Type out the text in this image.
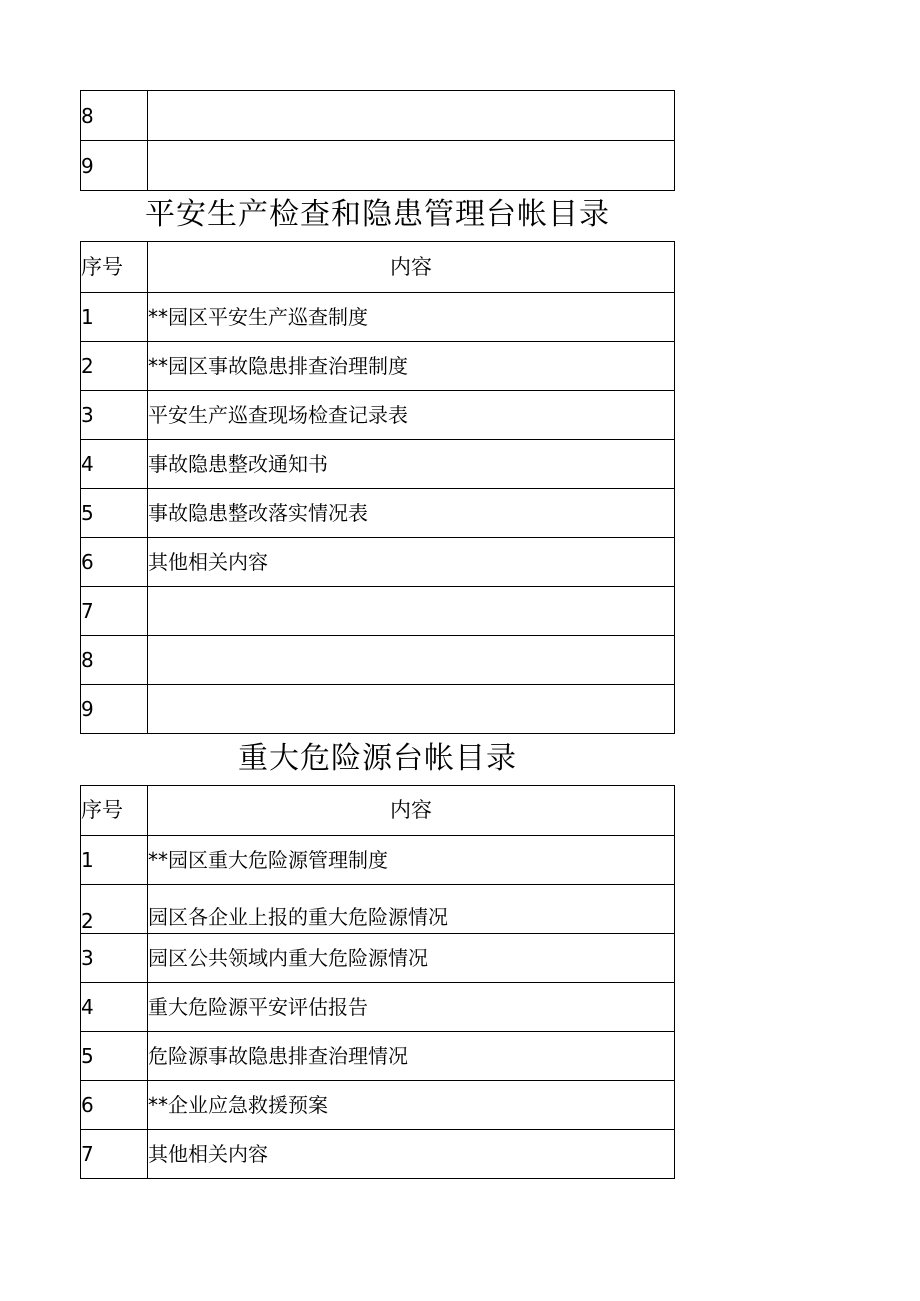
8	
9	
平安生产检查和隐患管理台帐目录
序号	内容
1	**园区平安生产巡查制度
2	**园区事故隐患排查治理制度
3	平安生产巡查现场检查记录表
4	事故隐患整改通知书
5	事故隐患整改落实情况表
6	其他相关内容
7	
8	
9	
重大危险源台帐目录
序号	内容
1	**园区重大危险源管理制度
2	园区各企业上报的重大危险源情况
3	园区公共领域内重大危险源情况
4	重大危险源平安评估报告
5	危险源事故隐患排查治理情况
6	**企业应急救援预案
7	其他相关内容
